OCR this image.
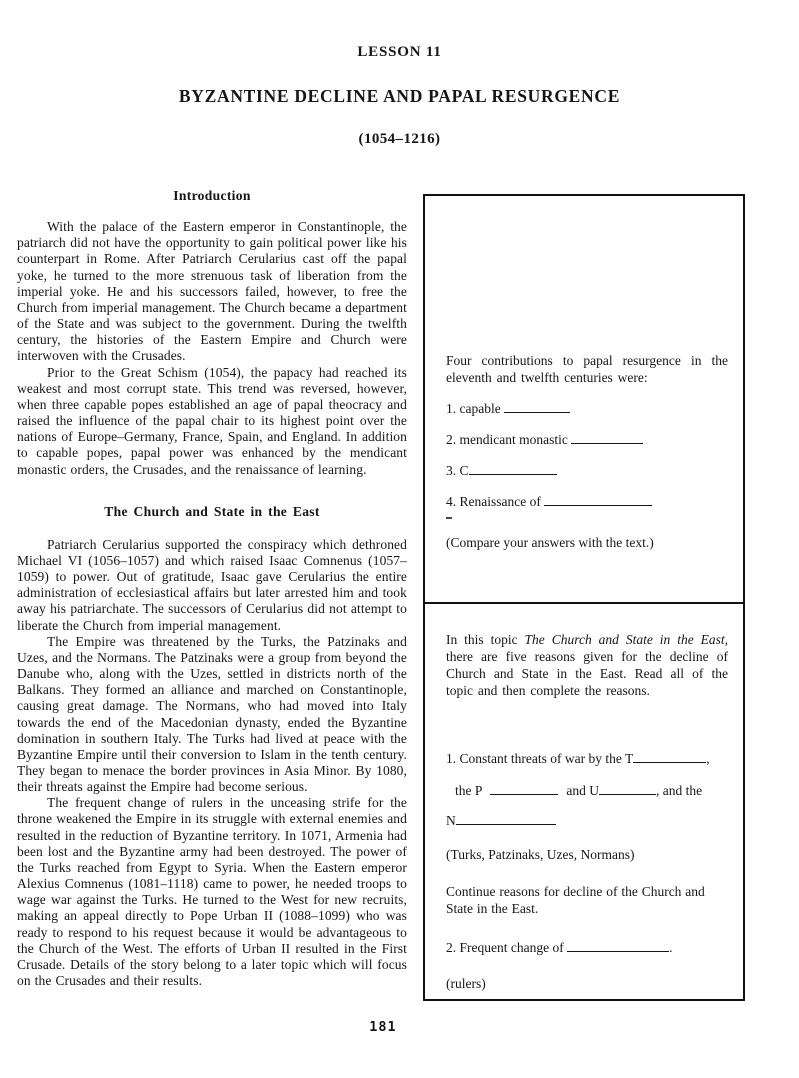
LESSON 11
BYZANTINE DECLINE AND PAPAL RESURGENCE
(1054–1216)
Introduction

With the palace of the Eastern emperor in Constantinople, the patriarch did not have the opportunity to gain political power like his counterpart in Rome. After Patriarch Cerularius cast off the papal yoke, he turned to the more strenuous task of liberation from the imperial yoke. He and his successors failed, however, to free the Church from imperial management. The Church became a department of the State and was subject to the government. During the twelfth century, the histories of the Eastern Empire and Church were interwoven with the Crusades.

Prior to the Great Schism (1054), the papacy had reached its weakest and most corrupt state. This trend was reversed, however, when three capable popes established an age of papal theocracy and raised the influence of the papal chair to its highest point over the nations of Europe–Germany, France, Spain, and England. In addition to capable popes, papal power was enhanced by the mendicant monastic orders, the Crusades, and the renaissance of learning.

The Church and State in the East

Patriarch Cerularius supported the conspiracy which dethroned Michael VI (1056–1057) and which raised Isaac Comnenus (1057–1059) to power. Out of gratitude, Isaac gave Cerularius the entire administration of ecclesiastical affairs but later arrested him and took away his patriarchate. The successors of Cerularius did not attempt to liberate the Church from imperial management.

The Empire was threatened by the Turks, the Patzinaks and Uzes, and the Normans. The Patzinaks were a group from beyond the Danube who, along with the Uzes, settled in districts north of the Balkans. They formed an alliance and marched on Constantinople, causing great damage. The Normans, who had moved into Italy towards the end of the Macedonian dynasty, ended the Byzantine domination in southern Italy. The Turks had lived at peace with the Byzantine Empire until their conversion to Islam in the tenth century. They began to menace the border provinces in Asia Minor. By 1080, their threats against the Empire had become serious.

The frequent change of rulers in the unceasing strife for the throne weakened the Empire in its struggle with external enemies and resulted in the reduction of Byzantine territory. In 1071, Armenia had been lost and the Byzantine army had been destroyed. The power of the Turks reached from Egypt to Syria. When the Eastern emperor Alexius Comnenus (1081–1118) came to power, he needed troops to wage war against the Turks. He turned to the West for new recruits, making an appeal directly to Pope Urban II (1088–1099) who was ready to respond to his request because it would be advantageous to the Church of the West. The efforts of Urban II resulted in the First Crusade. Details of the story belong to a later topic which will focus on the Crusades and their results.

Four contributions to papal resurgence in the eleventh and twelfth centuries were:

1. capable
2. mendicant monastic
3. C
4. Renaissance of

(Compare your answers with the text.)

In this topic The Church and State in the East, there are five reasons given for the decline of Church and State in the East. Read all of the topic and then complete the reasons.

1. Constant threats of war by the T	,
the P	and U	, and the
N
(Turks, Patzinaks, Uzes, Normans)

Continue reasons for decline of the Church and State in the East.

2. Frequent change of	.
(rulers)
181
